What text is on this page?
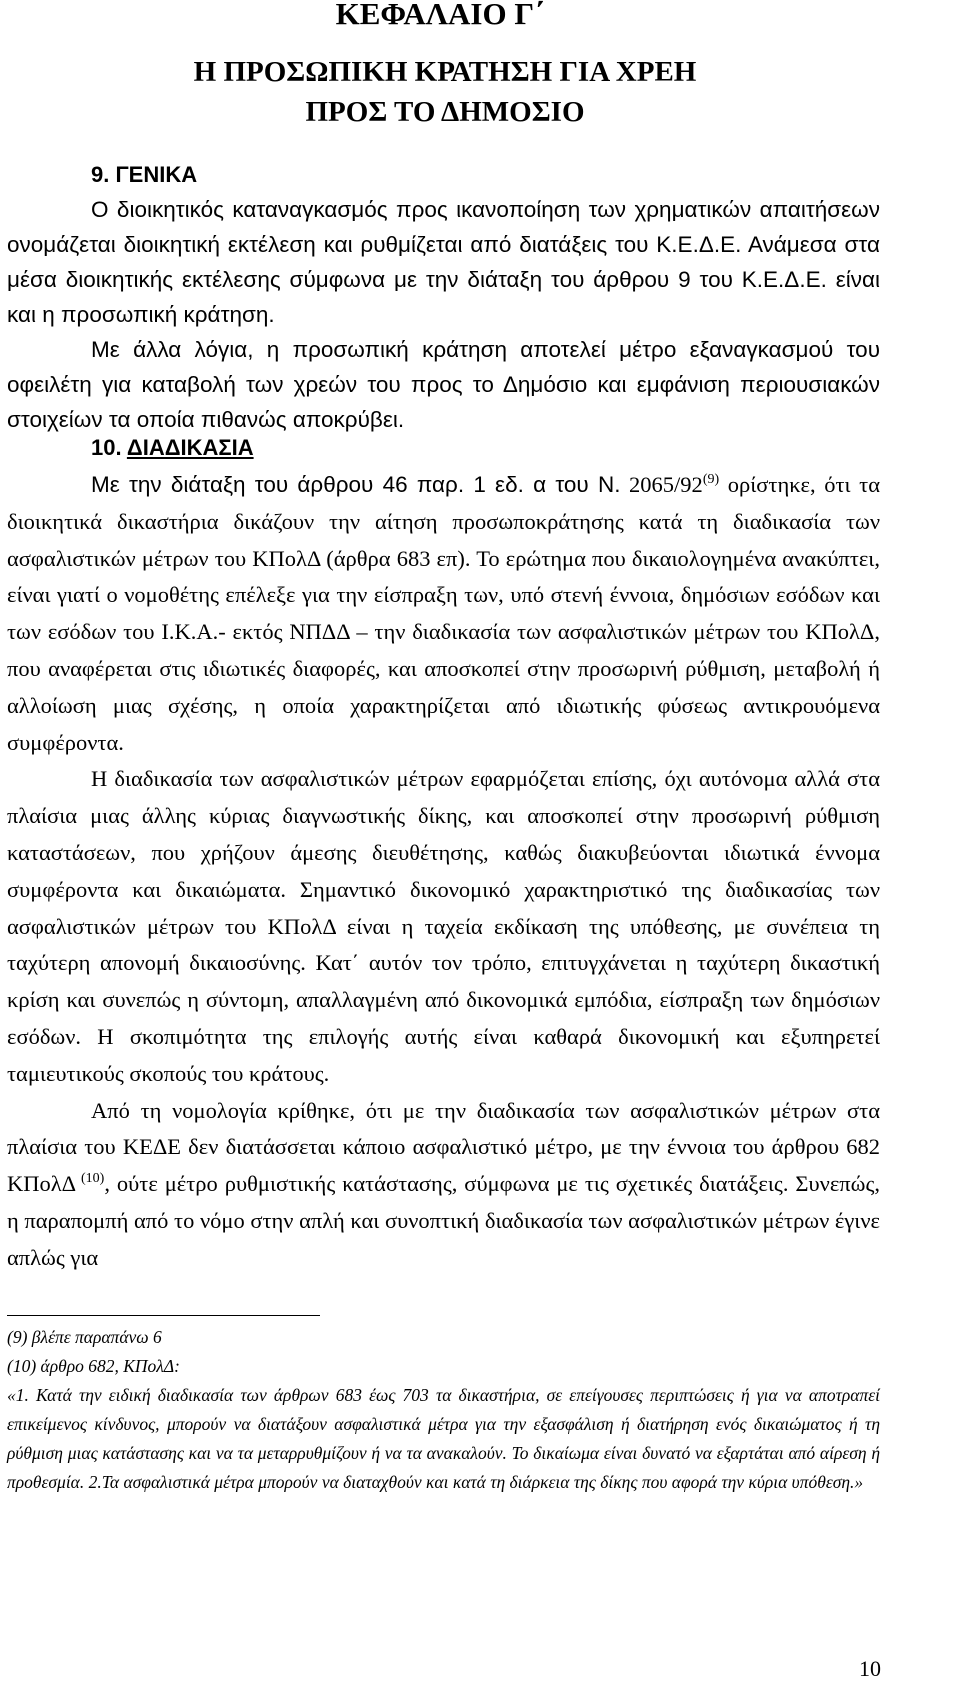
ΚΕΦΑΛΑΙΟ Γ΄
Η ΠΡΟΣΩΠΙΚΗ ΚΡΑΤΗΣΗ ΓΙΑ ΧΡΕΗ
ΠΡΟΣ ΤΟ ΔΗΜΟΣΙΟ
9. ΓΕΝΙΚΑ

Ο διοικητικός καταναγκασμός προς ικανοποίηση των χρηματικών απαιτήσεων ονομάζεται διοικητική εκτέλεση και ρυθμίζεται από διατάξεις του Κ.Ε.Δ.Ε. Ανάμεσα στα μέσα διοικητικής εκτέλεσης σύμφωνα με την διάταξη του άρθρου 9 του Κ.Ε.Δ.Ε. είναι και η προσωπική κράτηση.

Με άλλα λόγια, η προσωπική κράτηση αποτελεί μέτρο εξαναγκασμού του οφειλέτη για καταβολή των χρεών του προς το Δημόσιο και εμφάνιση περιουσιακών στοιχείων τα οποία πιθανώς αποκρύβει.

10. ΔΙΑΔΙΚΑΣΙΑ

Με την διάταξη του άρθρου 46 παρ. 1 εδ. α του Ν. 2065/92$^{(9)}$ ορίστηκε, ότι τα διοικητικά δικαστήρια δικάζουν την αίτηση προσωποκράτησης κατά τη διαδικασία των ασφαλιστικών μέτρων του ΚΠολΔ (άρθρα 683 επ). Το ερώτημα που δικαιολογημένα ανακύπτει, είναι γιατί ο νομοθέτης επέλεξε για την είσπραξη των, υπό στενή έννοια, δημόσιων εσόδων και των εσόδων του Ι.Κ.Α.- εκτός ΝΠΔΔ – την διαδικασία των ασφαλιστικών μέτρων του ΚΠολΔ, που αναφέρεται στις ιδιωτικές διαφορές, και αποσκοπεί στην προσωρινή ρύθμιση, μεταβολή ή αλλοίωση μιας σχέσης, η οποία χαρακτηρίζεται από ιδιωτικής φύσεως αντικρουόμενα συμφέροντα.

Η διαδικασία των ασφαλιστικών μέτρων εφαρμόζεται επίσης, όχι αυτόνομα αλλά στα πλαίσια μιας άλλης κύριας διαγνωστικής δίκης, και αποσκοπεί στην προσωρινή ρύθμιση καταστάσεων, που χρήζουν άμεσης διευθέτησης, καθώς διακυβεύονται ιδιωτικά έννομα συμφέροντα και δικαιώματα. Σημαντικό δικονομικό χαρακτηριστικό της διαδικασίας των ασφαλιστικών μέτρων του ΚΠολΔ είναι η ταχεία εκδίκαση της υπόθεσης, με συνέπεια τη ταχύτερη απονομή δικαιοσύνης. Κατ΄ αυτόν τον τρόπο, επιτυγχάνεται η ταχύτερη δικαστική κρίση και συνεπώς η σύντομη, απαλλαγμένη από δικονομικά εμπόδια, είσπραξη των δημόσιων εσόδων. Η σκοπιμότητα της επιλογής αυτής είναι καθαρά δικονομική και εξυπηρετεί ταμιευτικούς σκοπούς του κράτους.

Από τη νομολογία κρίθηκε, ότι με την διαδικασία των ασφαλιστικών μέτρων στα πλαίσια του ΚΕΔΕ δεν διατάσσεται κάποιο ασφαλιστικό μέτρο, με την έννοια του άρθρου 682 ΚΠολΔ $^{(10)}$, ούτε μέτρο ρυθμιστικής κατάστασης, σύμφωνα με τις σχετικές διατάξεις. Συνεπώς, η παραπομπή από το νόμο στην απλή και συνοπτική διαδικασία των ασφαλιστικών μέτρων έγινε απλώς για

(9) βλέπε παραπάνω 6
(10) άρθρο 682, ΚΠολΔ:
«1. Κατά την ειδική διαδικασία των άρθρων 683 έως 703 τα δικαστήρια, σε επείγουσες περιπτώσεις ή για να αποτραπεί επικείμενος κίνδυνος, μπορούν να διατάξουν ασφαλιστικά μέτρα για την εξασφάλιση ή διατήρηση ενός δικαιώματος ή τη ρύθμιση μιας κατάστασης και να τα μεταρρυθμίζουν ή να τα ανακαλούν. Το δικαίωμα είναι δυνατό να εξαρτάται από αίρεση ή προθεσμία. 2.Τα ασφαλιστικά μέτρα μπορούν να διαταχθούν και κατά τη διάρκεια της δίκης που αφορά την κύρια υπόθεση.»
10
